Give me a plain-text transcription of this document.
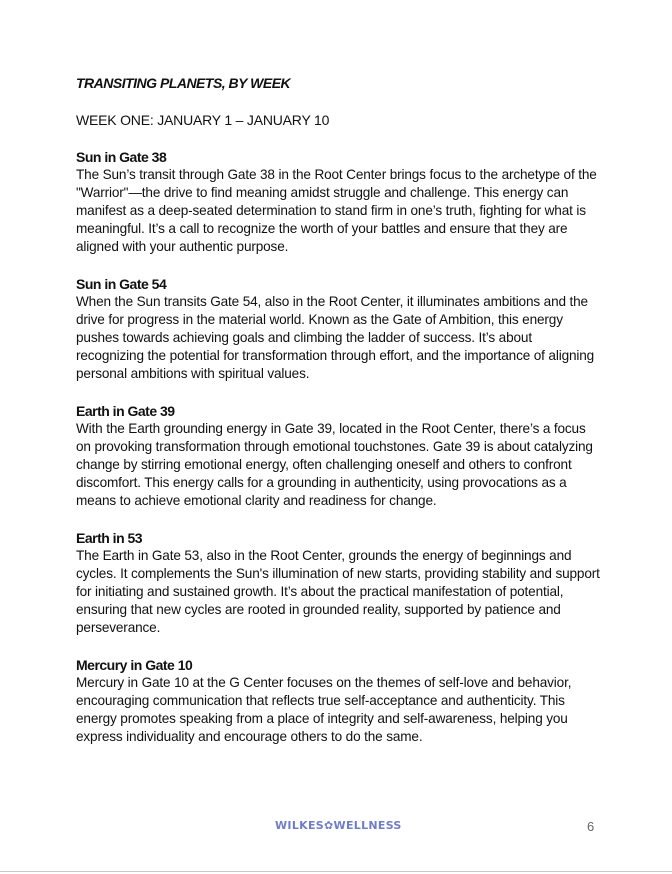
TRANSITING PLANETS, BY WEEK

WEEK ONE: JANUARY 1 – JANUARY 10

Sun in Gate 38

The Sun’s transit through Gate 38 in the Root Center brings focus to the archetype of the "Warrior"—the drive to find meaning amidst struggle and challenge. This energy can manifest as a deep-seated determination to stand firm in one’s truth, fighting for what is meaningful. It’s a call to recognize the worth of your battles and ensure that they are aligned with your authentic purpose.

Sun in Gate 54

When the Sun transits Gate 54, also in the Root Center, it illuminates ambitions and the drive for progress in the material world. Known as the Gate of Ambition, this energy pushes towards achieving goals and climbing the ladder of success. It’s about recognizing the potential for transformation through effort, and the importance of aligning personal ambitions with spiritual values.

Earth in Gate 39

With the Earth grounding energy in Gate 39, located in the Root Center, there’s a focus on provoking transformation through emotional touchstones. Gate 39 is about catalyzing change by stirring emotional energy, often challenging oneself and others to confront discomfort. This energy calls for a grounding in authenticity, using provocations as a means to achieve emotional clarity and readiness for change.

Earth in 53

The Earth in Gate 53, also in the Root Center, grounds the energy of beginnings and cycles. It complements the Sun's illumination of new starts, providing stability and support for initiating and sustained growth. It’s about the practical manifestation of potential, ensuring that new cycles are rooted in grounded reality, supported by patience and perseverance.

Mercury in Gate 10

Mercury in Gate 10 at the G Center focuses on the themes of self-love and behavior, encouraging communication that reflects true self-acceptance and authenticity. This energy promotes speaking from a place of integrity and self-awareness, helping you express individuality and encourage others to do the same.

WILKES✿WELLNESS	6
